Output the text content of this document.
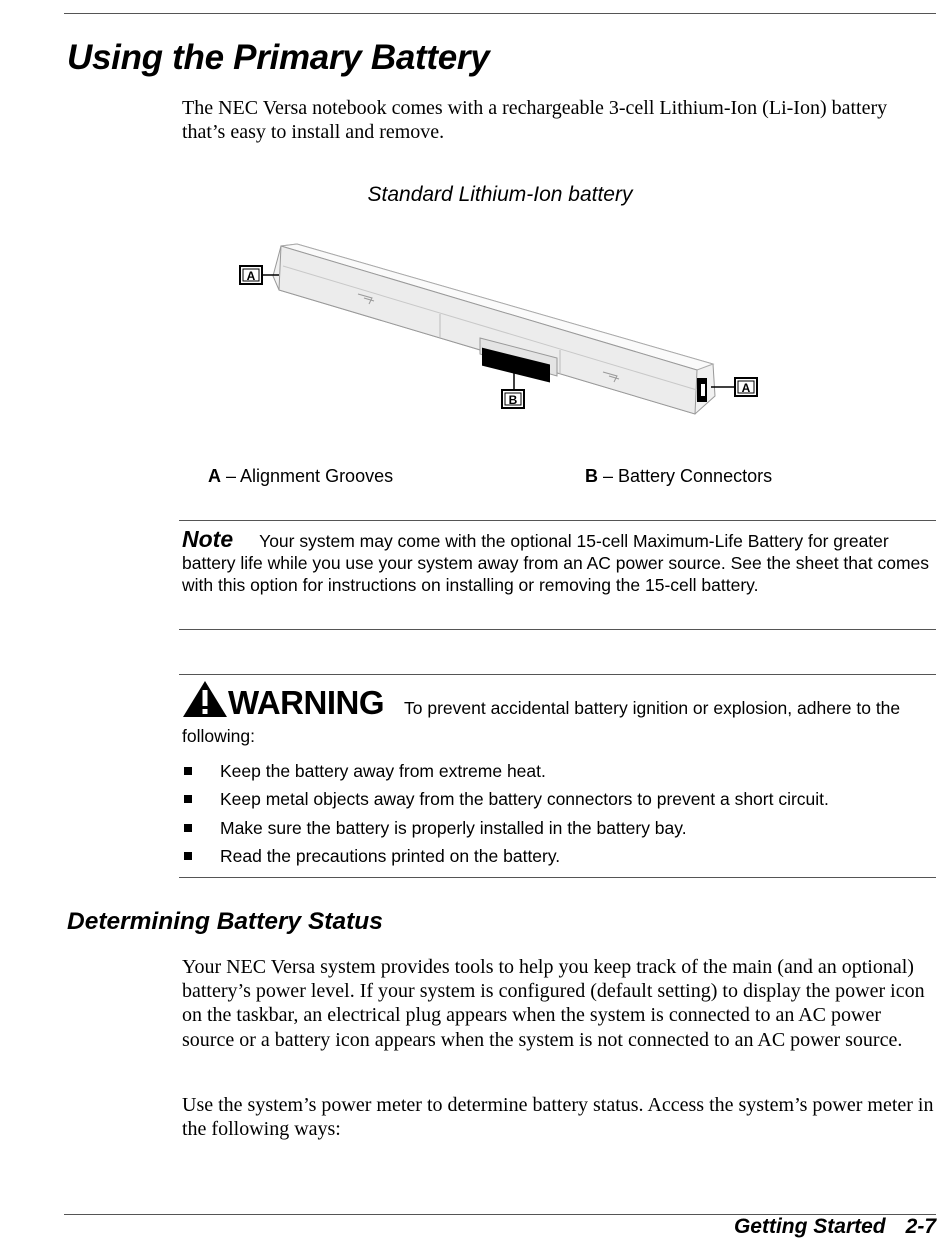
Using the Primary Battery
The NEC Versa notebook comes with a rechargeable 3-cell Lithium-Ion (Li-Ion) battery that’s easy to install and remove.
Standard Lithium-Ion battery
A
A
B
A – Alignment Grooves	B – Battery Connectors
Note Your system may come with the optional 15-cell Maximum-Life Battery for greater battery life while you use your system away from an AC power source. See the sheet that comes with this option for instructions on installing or removing the 15-cell battery.
WARNING To prevent accidental battery ignition or explosion, adhere to the following:
Keep the battery away from extreme heat.
Keep metal objects away from the battery connectors to prevent a short circuit.
Make sure the battery is properly installed in the battery bay.
Read the precautions printed on the battery.
Determining Battery Status
Your NEC Versa system provides tools to help you keep track of the main (and an optional) battery’s power level. If your system is configured (default setting) to display the power icon on the taskbar, an electrical plug appears when the system is connected to an AC power source or a battery icon appears when the system is not connected to an AC power source.
Use the system’s power meter to determine battery status. Access the system’s power meter in the following ways:
Getting Started 2-7
